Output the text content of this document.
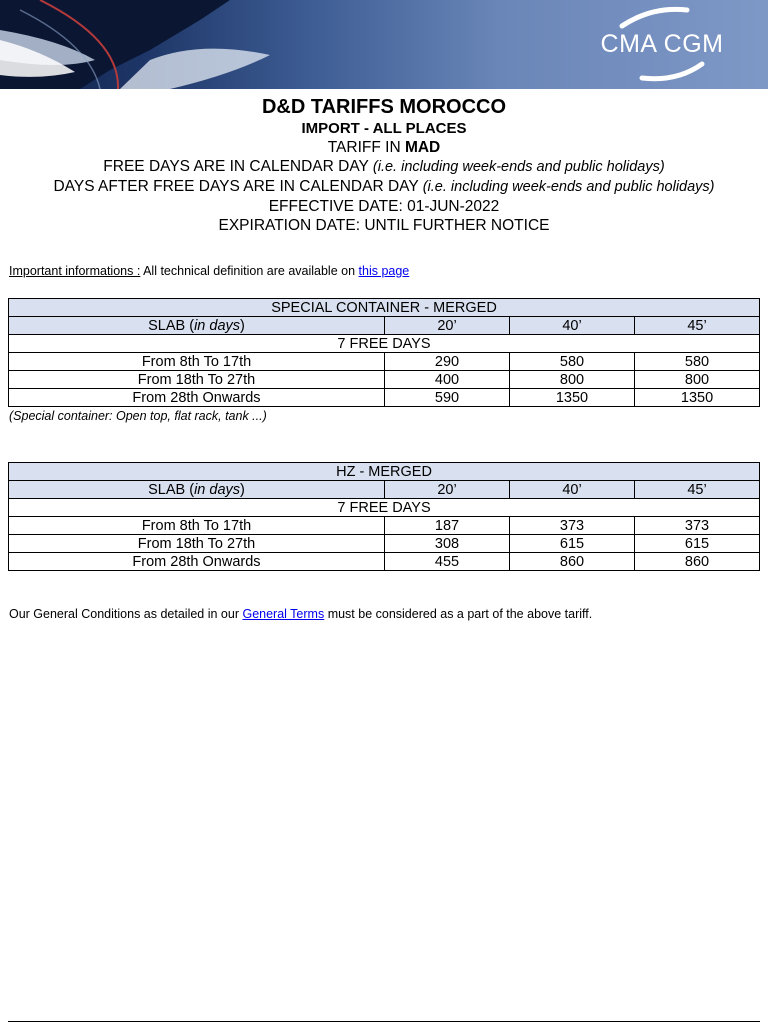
CMA CGM
D&D TARIFFS MOROCCO
IMPORT - ALL PLACES
TARIFF IN MAD
FREE DAYS ARE IN CALENDAR DAY (i.e. including week-ends and public holidays)
DAYS AFTER FREE DAYS ARE IN CALENDAR DAY (i.e. including week-ends and public holidays)
EFFECTIVE DATE: 01-JUN-2022
EXPIRATION DATE: UNTIL FURTHER NOTICE
Important informations : All technical definition are available on this page
SPECIAL CONTAINER - MERGED			
SLAB (in days)	20’	40’	45’
7 FREE DAYS			
From 8th To 17th	290	580	580
From 18th To 27th	400	800	800
From 28th Onwards	590	1350	1350
(Special container: Open top, flat rack, tank ...)
HZ - MERGED			
SLAB (in days)	20’	40’	45’
7 FREE DAYS			
From 8th To 17th	187	373	373
From 18th To 27th	308	615	615
From 28th Onwards	455	860	860
Our General Conditions as detailed in our General Terms must be considered as a part of the above tariff.
